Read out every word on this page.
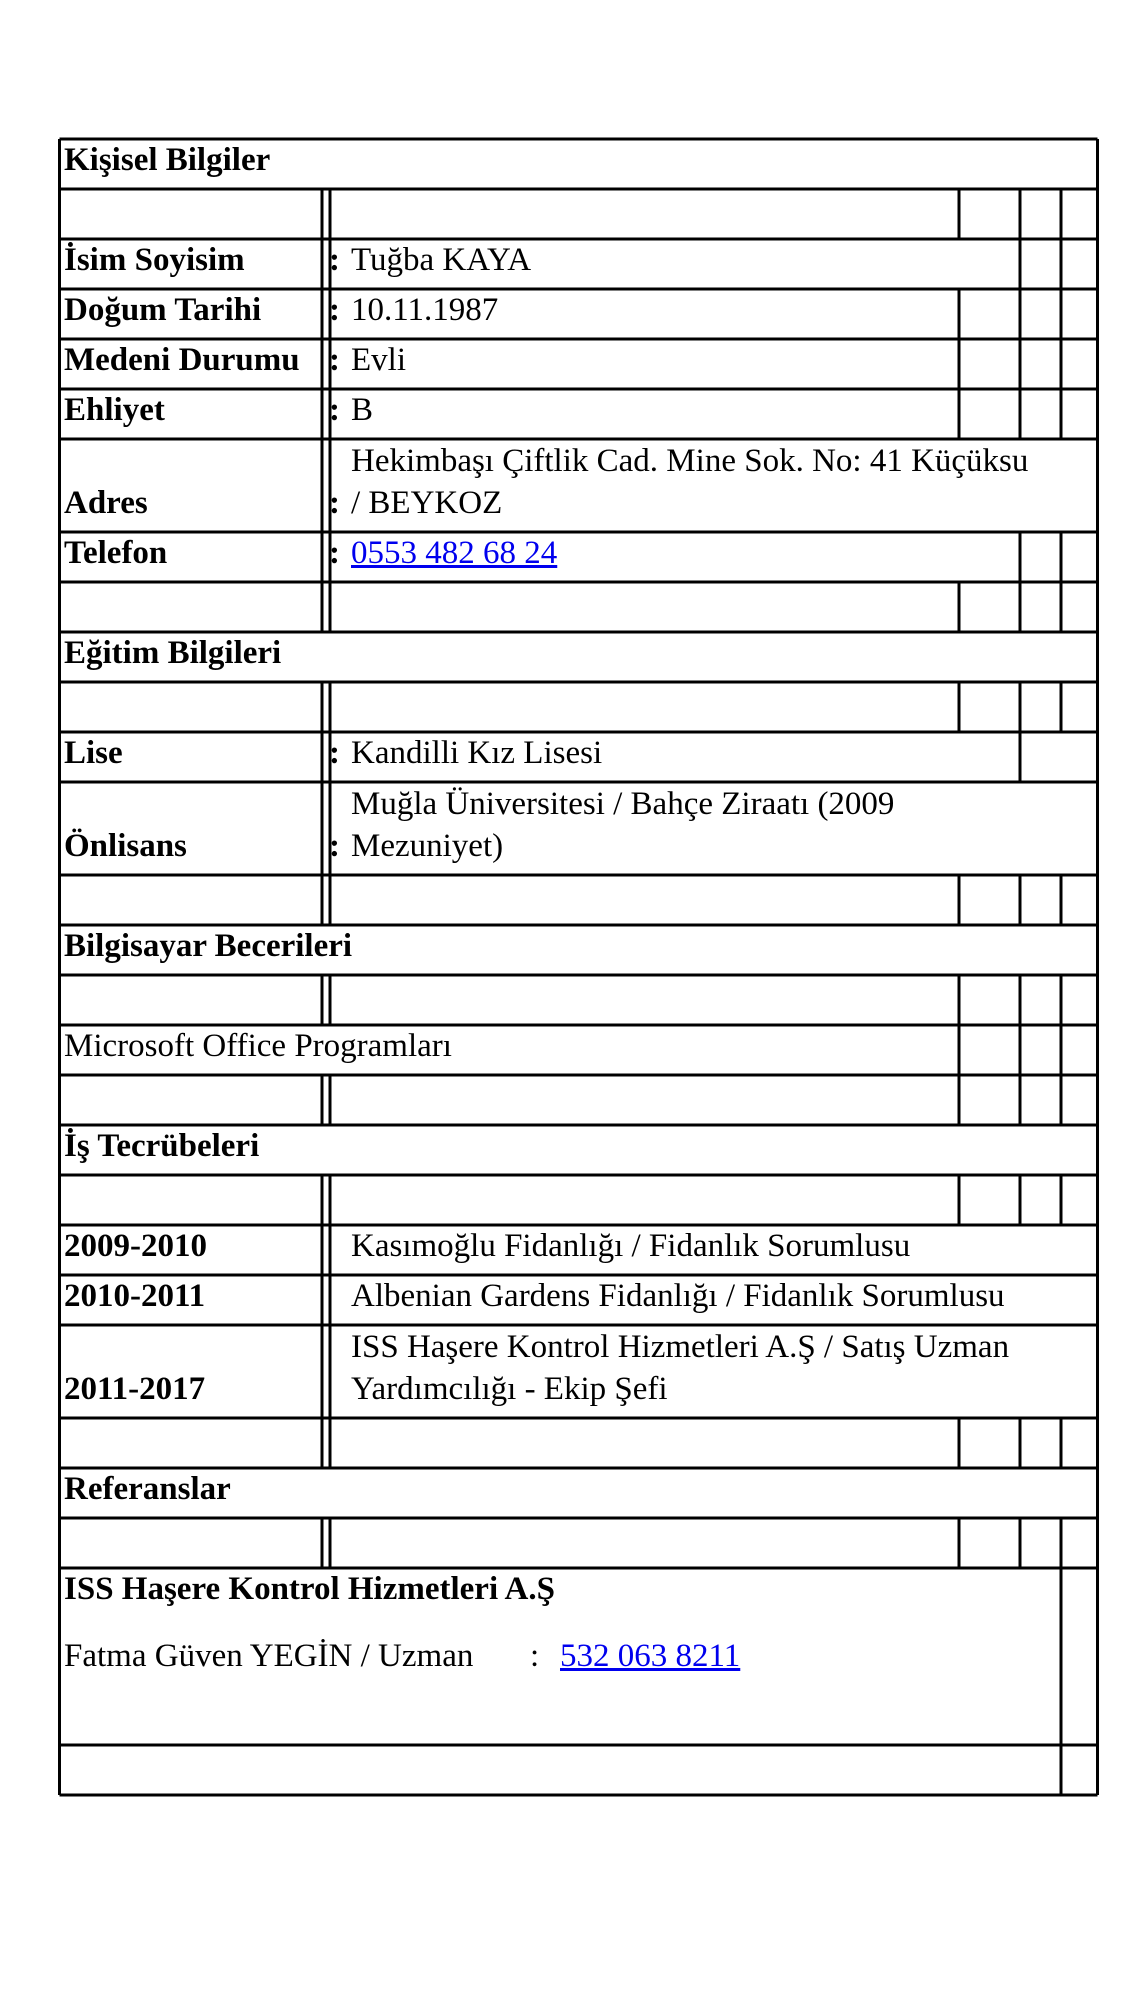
Kişisel Bilgiler
İsim Soyisim	: Tuğba KAYA
Doğum Tarihi : 10.11.1987
Medeni Durumu : Evli
Ehliyet	: B
Hekimbaşı Çiftlik Cad. Mine Sok. No: 41 Küçüksu
Adres	: / BEYKOZ
Telefon	: 0553 482 68 24
Eğitim Bilgileri
Lise	: Kandilli Kız Lisesi
Muğla Üniversitesi / Bahçe Ziraatı (2009
Önlisans	: Mezuniyet)
Bilgisayar Becerileri
Microsoft Office Programları
İş Tecrübeleri
2009-2010	Kasımoğlu Fidanlığı / Fidanlık Sorumlusu
2010-2011	Albenian Gardens Fidanlığı / Fidanlık Sorumlusu
ISS Haşere Kontrol Hizmetleri A.Ş / Satış Uzman
2011-2017	Yardımcılığı - Ekip Şefi
Referanslar
ISS Haşere Kontrol Hizmetleri A.Ş
Fatma Güven YEGİN / Uzman : 532 063 8211
